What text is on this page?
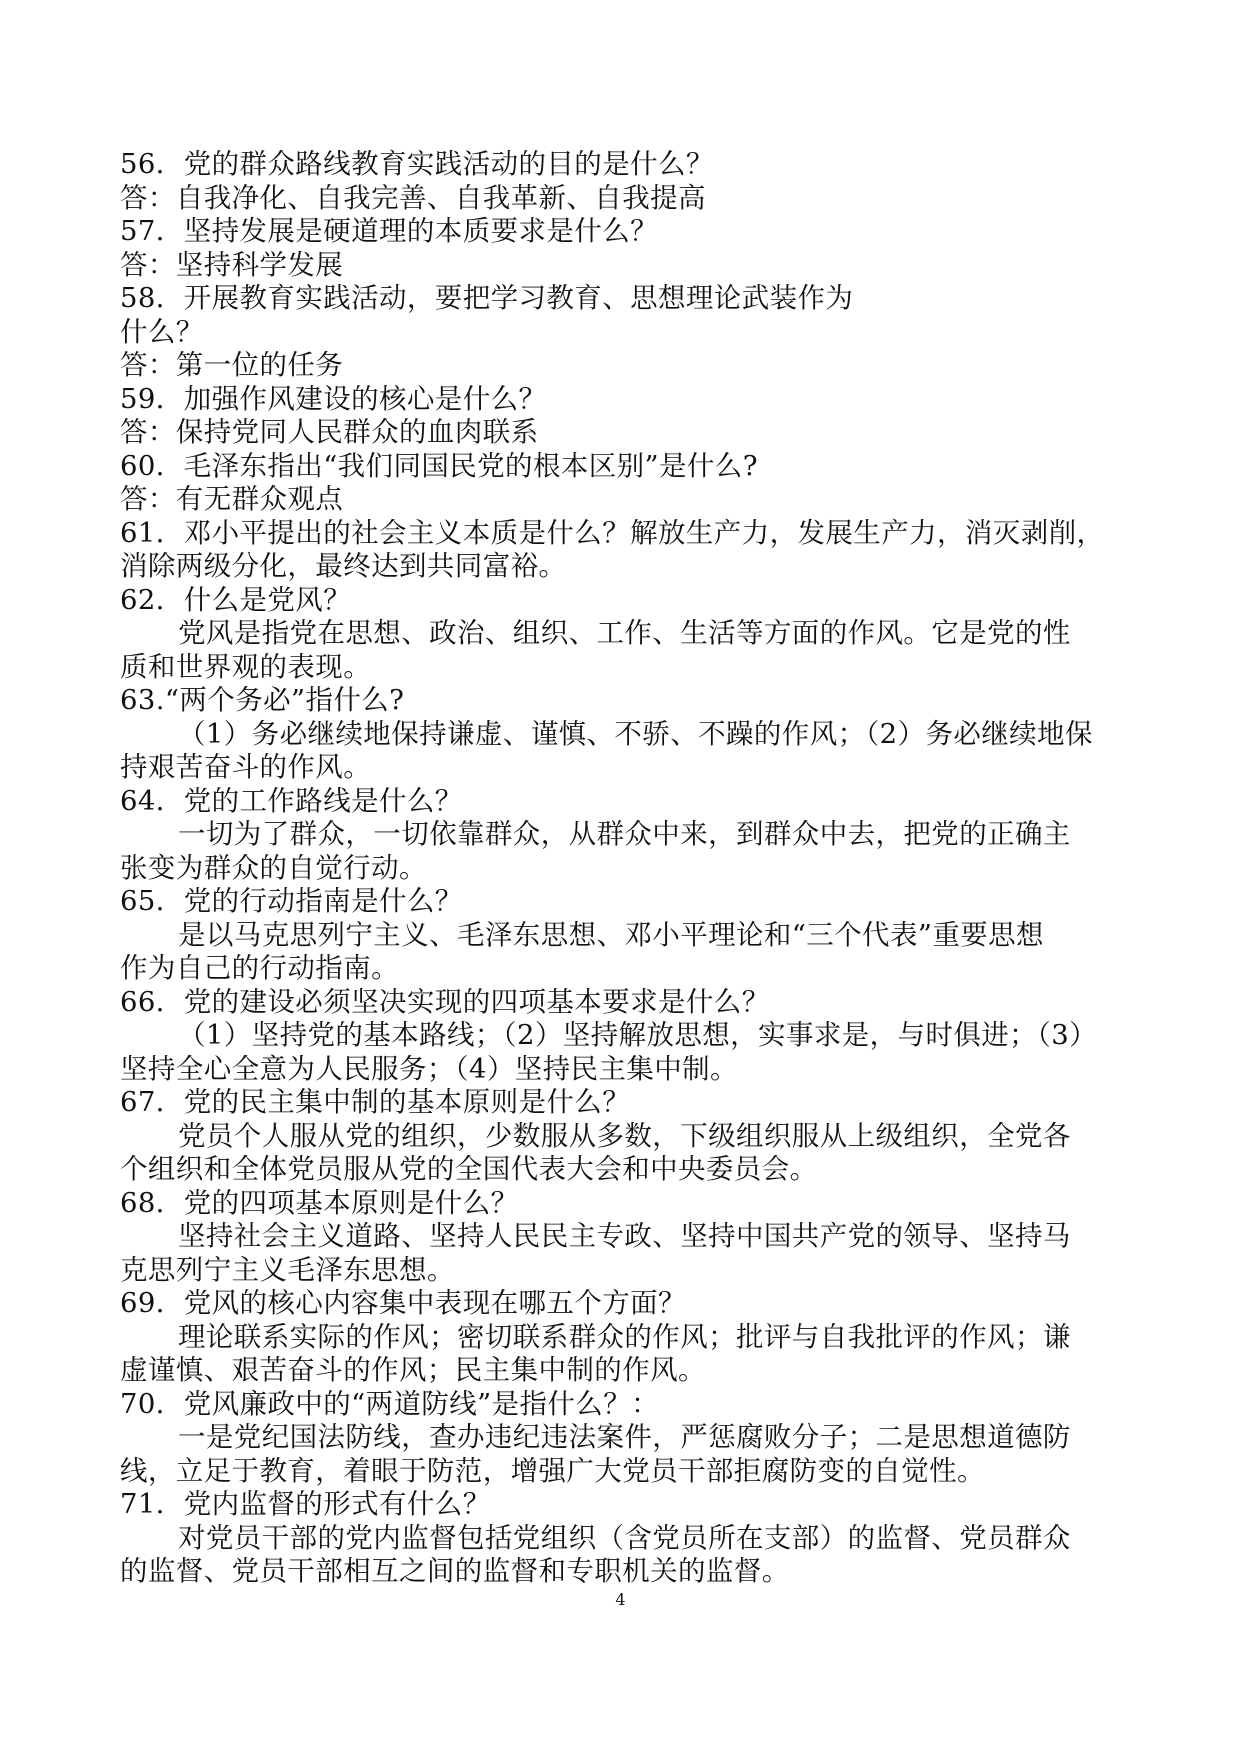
56．党的群众路线教育实践活动的目的是什么？
答：自我净化、自我完善、自我革新、自我提高
57．坚持发展是硬道理的本质要求是什么？
答：坚持科学发展
58．开展教育实践活动，要把学习教育、思想理论武装作为
什么？
答：第一位的任务
59．加强作风建设的核心是什么？
答：保持党同人民群众的血肉联系
60．毛泽东指出“我们同国民党的根本区别”是什么?
答：有无群众观点
61．邓小平提出的社会主义本质是什么？解放生产力，发展生产力，消灭剥削，
消除两级分化，最终达到共同富裕。
62．什么是党风？
党风是指党在思想、政治、组织、工作、生活等方面的作风。它是党的性
质和世界观的表现。
63.“两个务必”指什么?
（1）务必继续地保持谦虚、谨慎、不骄、不躁的作风；（2）务必继续地保
持艰苦奋斗的作风。
64．党的工作路线是什么？
一切为了群众，一切依靠群众，从群众中来，到群众中去，把党的正确主
张变为群众的自觉行动。
65．党的行动指南是什么？
是以马克思列宁主义、毛泽东思想、邓小平理论和“三个代表”重要思想
作为自己的行动指南。
66．党的建设必须坚决实现的四项基本要求是什么？
（1）坚持党的基本路线；（2）坚持解放思想，实事求是，与时俱进；（3）
坚持全心全意为人民服务；（4）坚持民主集中制。
67．党的民主集中制的基本原则是什么？
党员个人服从党的组织，少数服从多数，下级组织服从上级组织，全党各
个组织和全体党员服从党的全国代表大会和中央委员会。
68．党的四项基本原则是什么？
坚持社会主义道路、坚持人民民主专政、坚持中国共产党的领导、坚持马
克思列宁主义毛泽东思想。
69．党风的核心内容集中表现在哪五个方面？
理论联系实际的作风；密切联系群众的作风；批评与自我批评的作风；谦
虚谨慎、艰苦奋斗的作风；民主集中制的作风。
70．党风廉政中的“两道防线”是指什么？：
一是党纪国法防线，查办违纪违法案件，严惩腐败分子；二是思想道德防
线，立足于教育，着眼于防范，增强广大党员干部拒腐防变的自觉性。
71．党内监督的形式有什么？
对党员干部的党内监督包括党组织（含党员所在支部）的监督、党员群众
的监督、党员干部相互之间的监督和专职机关的监督。
4
